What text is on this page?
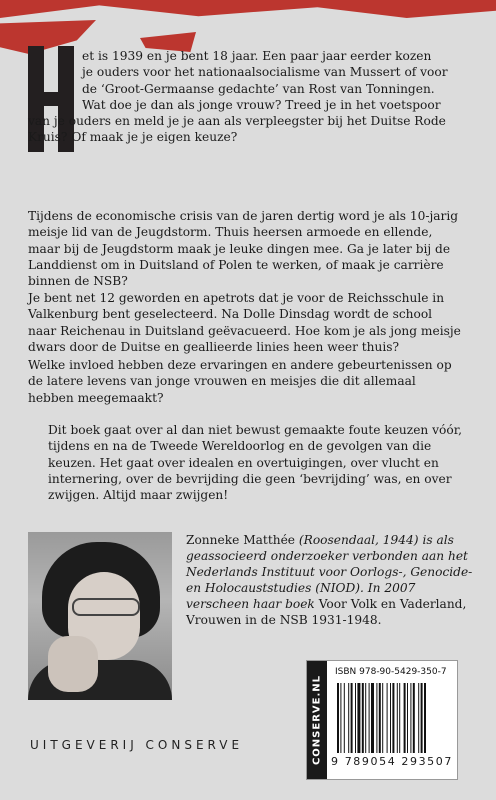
et is 1939 en je bent 18 jaar. Een paar jaar eerder kozen
je ouders voor het nationaalsocialisme van Mussert of voor
de ‘Groot-Germaanse gedachte’ van Rost van Tonningen.
Wat doe je dan als jonge vrouw? Treed je in het voetspoor
van je ouders en meld je je aan als verpleegster bij het Duitse Rode
Kruis? Of maak je je eigen keuze?

Tijdens de economische crisis van de jaren dertig word je als 10-jarig meisje lid van de Jeugdstorm. Thuis heersen armoede en ellende, maar bij de Jeugdstorm maak je leuke dingen mee. Ga je later bij de Landdienst om in Duitsland of Polen te werken, of maak je carrière binnen de NSB?

Je bent net 12 geworden en apetrots dat je voor de Reichsschule in Valkenburg bent geselecteerd. Na Dolle Dinsdag wordt de school naar Reichenau in Duitsland geëvacueerd. Hoe kom je als jong meisje dwars door de Duitse en geallieerde linies heen weer thuis?

Welke invloed hebben deze ervaringen en andere gebeurtenissen op de latere levens van jonge vrouwen en meisjes die dit allemaal hebben meegemaakt?

Dit boek gaat over al dan niet bewust gemaakte foute keuzen vóór, tijdens en na de Tweede Wereldoorlog en de gevolgen van die keuzen. Het gaat over idealen en overtuigingen, over vlucht en internering, over de bevrijding die geen ‘bevrijding’ was, en over zwijgen. Altijd maar zwijgen!

Zonneke Matthée (Roosendaal, 1944) is als geassocieerd onderzoeker verbonden aan het Nederlands Instituut voor Oorlogs-, Genocide- en Holocauststudies (NIOD). In 2007 verscheen haar boek Voor Volk en Vaderland, Vrouwen in de NSB 1931-1948.
CONSERVE.NL
ISBN 978-90-5429-350-7
9 789054 293507
UITGEVERIJ CONSERVE
